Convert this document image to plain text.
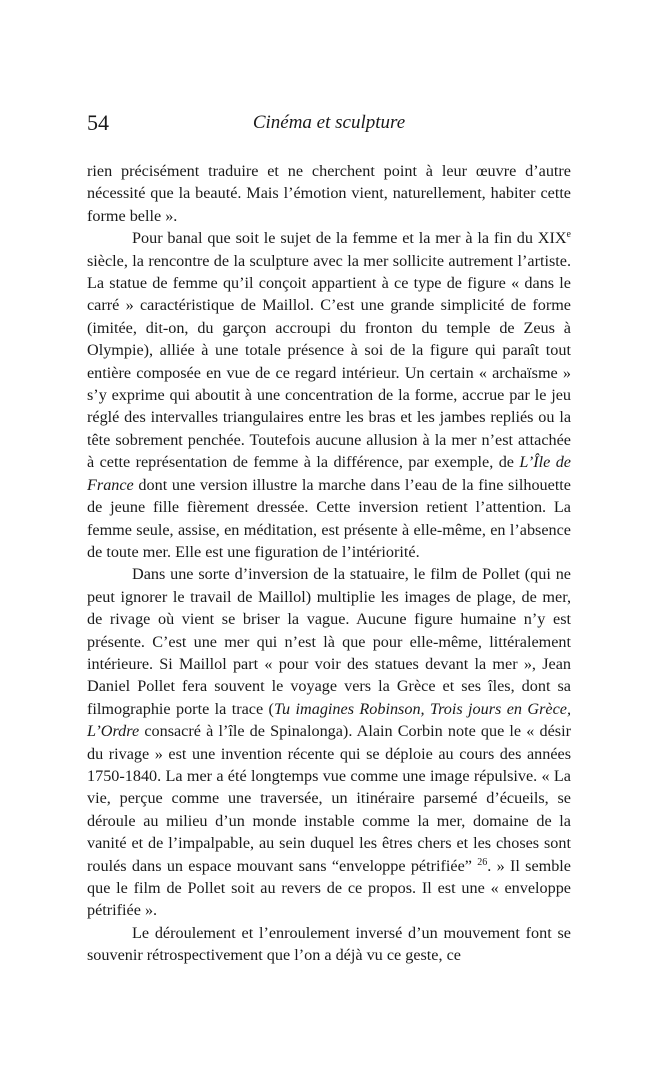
54	Cinéma et sculpture

rien précisément traduire et ne cherchent point à leur œuvre d’autre nécessité que la beauté. Mais l’émotion vient, naturellement, habiter cette forme belle ».

Pour banal que soit le sujet de la femme et la mer à la fin du XIXe siècle, la rencontre de la sculpture avec la mer sollicite autrement l’artiste. La statue de femme qu’il conçoit appartient à ce type de figure « dans le carré » caractéristique de Maillol. C’est une grande simplicité de forme (imitée, dit-on, du garçon accroupi du fronton du temple de Zeus à Olympie), alliée à une totale présence à soi de la figure qui paraît tout entière composée en vue de ce regard intérieur. Un certain « archaïsme » s’y exprime qui aboutit à une concentration de la forme, accrue par le jeu réglé des intervalles triangulaires entre les bras et les jambes repliés ou la tête sobrement penchée. Toutefois aucune allusion à la mer n’est attachée à cette représentation de femme à la différence, par exemple, de L’Île de France dont une version illustre la marche dans l’eau de la fine silhouette de jeune fille fièrement dressée. Cette inversion retient l’attention. La femme seule, assise, en méditation, est présente à elle-même, en l’absence de toute mer. Elle est une figuration de l’intériorité.

Dans une sorte d’inversion de la statuaire, le film de Pollet (qui ne peut ignorer le travail de Maillol) multiplie les images de plage, de mer, de rivage où vient se briser la vague. Aucune figure humaine n’y est présente. C’est une mer qui n’est là que pour elle-même, littéralement intérieure. Si Maillol part « pour voir des statues devant la mer », Jean Daniel Pollet fera souvent le voyage vers la Grèce et ses îles, dont sa filmographie porte la trace (Tu imagines Robinson, Trois jours en Grèce, L’Ordre consacré à l’île de Spinalonga). Alain Corbin note que le « désir du rivage » est une invention récente qui se déploie au cours des années 1750-1840. La mer a été longtemps vue comme une image répulsive. « La vie, perçue comme une traversée, un itinéraire parsemé d’écueils, se déroule au milieu d’un monde instable comme la mer, domaine de la vanité et de l’impalpable, au sein duquel les êtres chers et les choses sont roulés dans un espace mouvant sans “enveloppe pétrifiée” $^{26}$. » Il semble que le film de Pollet soit au revers de ce propos. Il est une « enveloppe pétrifiée ».

Le déroulement et l’enroulement inversé d’un mouvement font se souvenir rétrospectivement que l’on a déjà vu ce geste, ce
